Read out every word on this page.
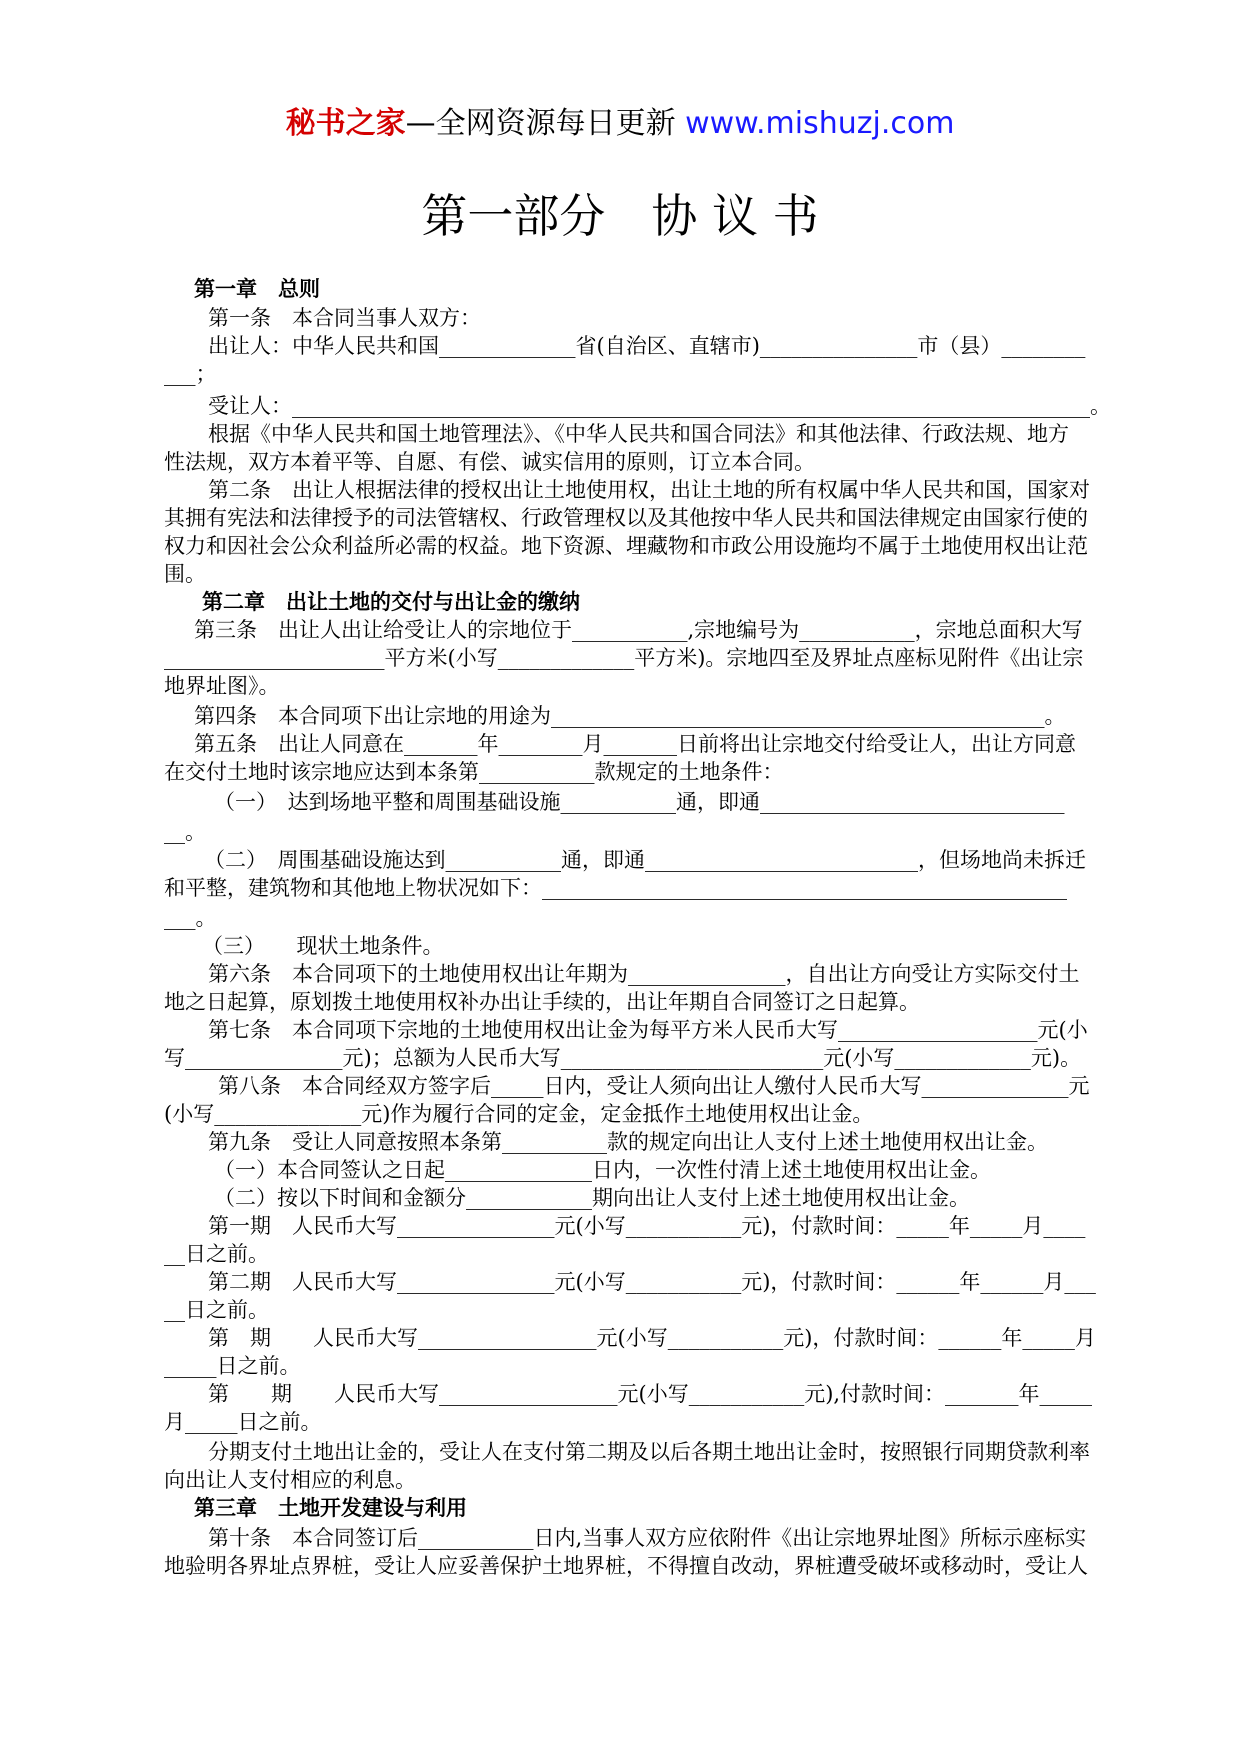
秘书之家—全网资源每日更新 www.mishuzj.com
第一部分　协 议 书
第一章　总则
第一条　本合同当事人双方：
出让人：中华人民共和国_____________省(自治区、直辖市)_______________市（县）________
___；
受让人：____________________________________________________________________________。
根据《中华人民共和国土地管理法》、《中华人民共和国合同法》和其他法律、行政法规、地方
性法规，双方本着平等、自愿、有偿、诚实信用的原则，订立本合同。
第二条　出让人根据法律的授权出让土地使用权，出让土地的所有权属中华人民共和国，国家对
其拥有宪法和法律授予的司法管辖权、行政管理权以及其他按中华人民共和国法律规定由国家行使的
权力和因社会公众利益所必需的权益。地下资源、埋藏物和市政公用设施均不属于土地使用权出让范
围。
第二章　出让土地的交付与出让金的缴纳
第三条　出让人出让给受让人的宗地位于___________,宗地编号为___________，宗地总面积大写
_____________________平方米(小写_____________平方米)。宗地四至及界址点座标见附件《出让宗
地界址图》。
第四条　本合同项下出让宗地的用途为_______________________________________________。
第五条　出让人同意在_______年________月_______日前将出让宗地交付给受让人，出让方同意
在交付土地时该宗地应达到本条第___________款规定的土地条件：
（一）　达到场地平整和周围基础设施___________通，即通_____________________________
__。
（二）　周围基础设施达到___________通，即通__________________________，但场地尚未拆迁
和平整，建筑物和其他地上物状况如下：__________________________________________________
___。
（三）　　现状土地条件。
第六条　本合同项下的土地使用权出让年期为_______________，自出让方向受让方实际交付土
地之日起算，原划拨土地使用权补办出让手续的，出让年期自合同签订之日起算。
第七条　本合同项下宗地的土地使用权出让金为每平方米人民币大写___________________元(小
写_______________元)；总额为人民币大写_________________________元(小写_____________元)。
第八条　本合同经双方签字后_____日内，受让人须向出让人缴付人民币大写______________元
(小写______________元)作为履行合同的定金，定金抵作土地使用权出让金。
第九条　受让人同意按照本条第__________款的规定向出让人支付上述土地使用权出让金。
（一）本合同签认之日起______________日内，一次性付清上述土地使用权出让金。
（二）按以下时间和金额分____________期向出让人支付上述土地使用权出让金。
第一期　人民币大写_______________元(小写___________元)，付款时间：_____年_____月____
__日之前。
第二期　人民币大写_______________元(小写___________元)，付款时间：______年______月___
__日之前。
第　期　　人民币大写_________________元(小写___________元)，付款时间：______年_____月
_____日之前。
第　　期　　人民币大写_________________元(小写___________元),付款时间：_______年_____
月_____日之前。
分期支付土地出让金的，受让人在支付第二期及以后各期土地出让金时，按照银行同期贷款利率
向出让人支付相应的利息。
第三章　土地开发建设与利用
第十条　本合同签订后___________日内,当事人双方应依附件《出让宗地界址图》所标示座标实
地验明各界址点界桩，受让人应妥善保护土地界桩，不得擅自改动，界桩遭受破坏或移动时，受让人
